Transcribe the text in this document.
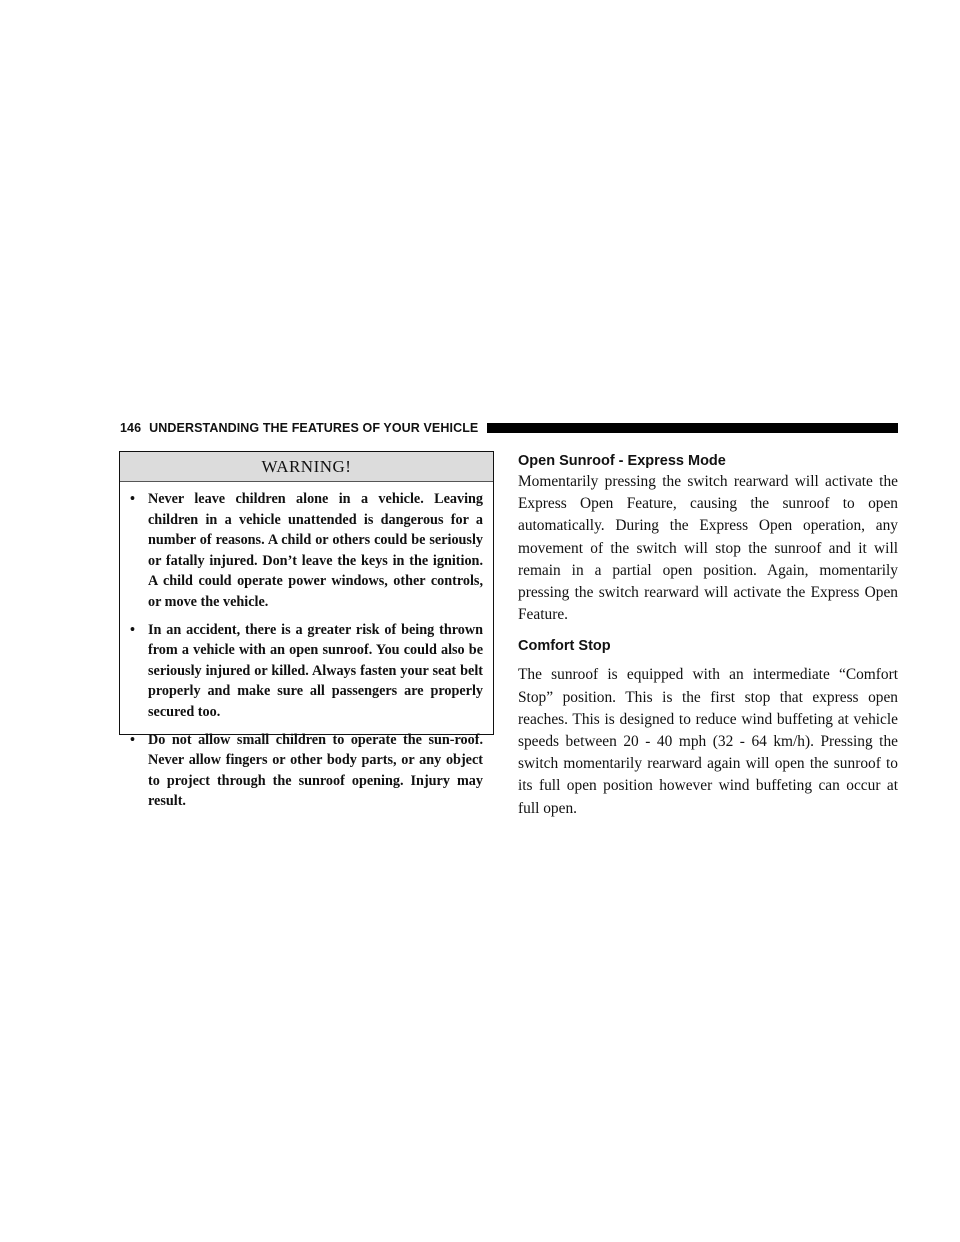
146 UNDERSTANDING THE FEATURES OF YOUR VEHICLE
WARNING!
• Never leave children alone in a vehicle. Leaving children in a vehicle unattended is dangerous for a number of reasons. A child or others could be seriously or fatally injured. Don’t leave the keys in the ignition. A child could operate power windows, other controls, or move the vehicle.
• In an accident, there is a greater risk of being thrown from a vehicle with an open sunroof. You could also be seriously injured or killed. Always fasten your seat belt properly and make sure all passengers are properly secured too.
• Do not allow small children to operate the sun-roof. Never allow fingers or other body parts, or any object to project through the sunroof opening. Injury may result.
Open Sunroof - Express Mode

Momentarily pressing the switch rearward will activate the Express Open Feature, causing the sunroof to open automatically. During the Express Open operation, any movement of the switch will stop the sunroof and it will remain in a partial open position. Again, momentarily pressing the switch rearward will activate the Express Open Feature.

Comfort Stop

The sunroof is equipped with an intermediate “Comfort Stop” position. This is the first stop that express open reaches. This is designed to reduce wind buffeting at vehicle speeds between 20 - 40 mph (32 - 64 km/h). Pressing the switch momentarily rearward again will open the sunroof to its full open position however wind buffeting can occur at full open.
